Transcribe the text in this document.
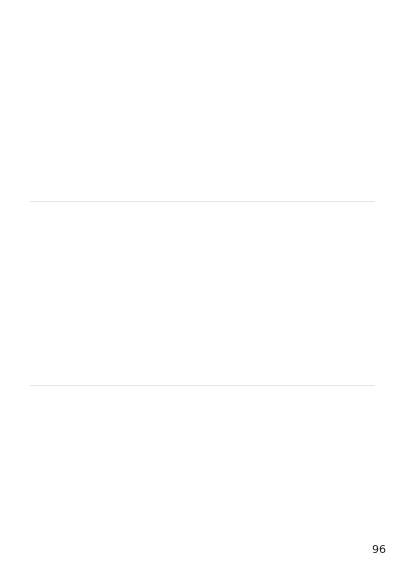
96
